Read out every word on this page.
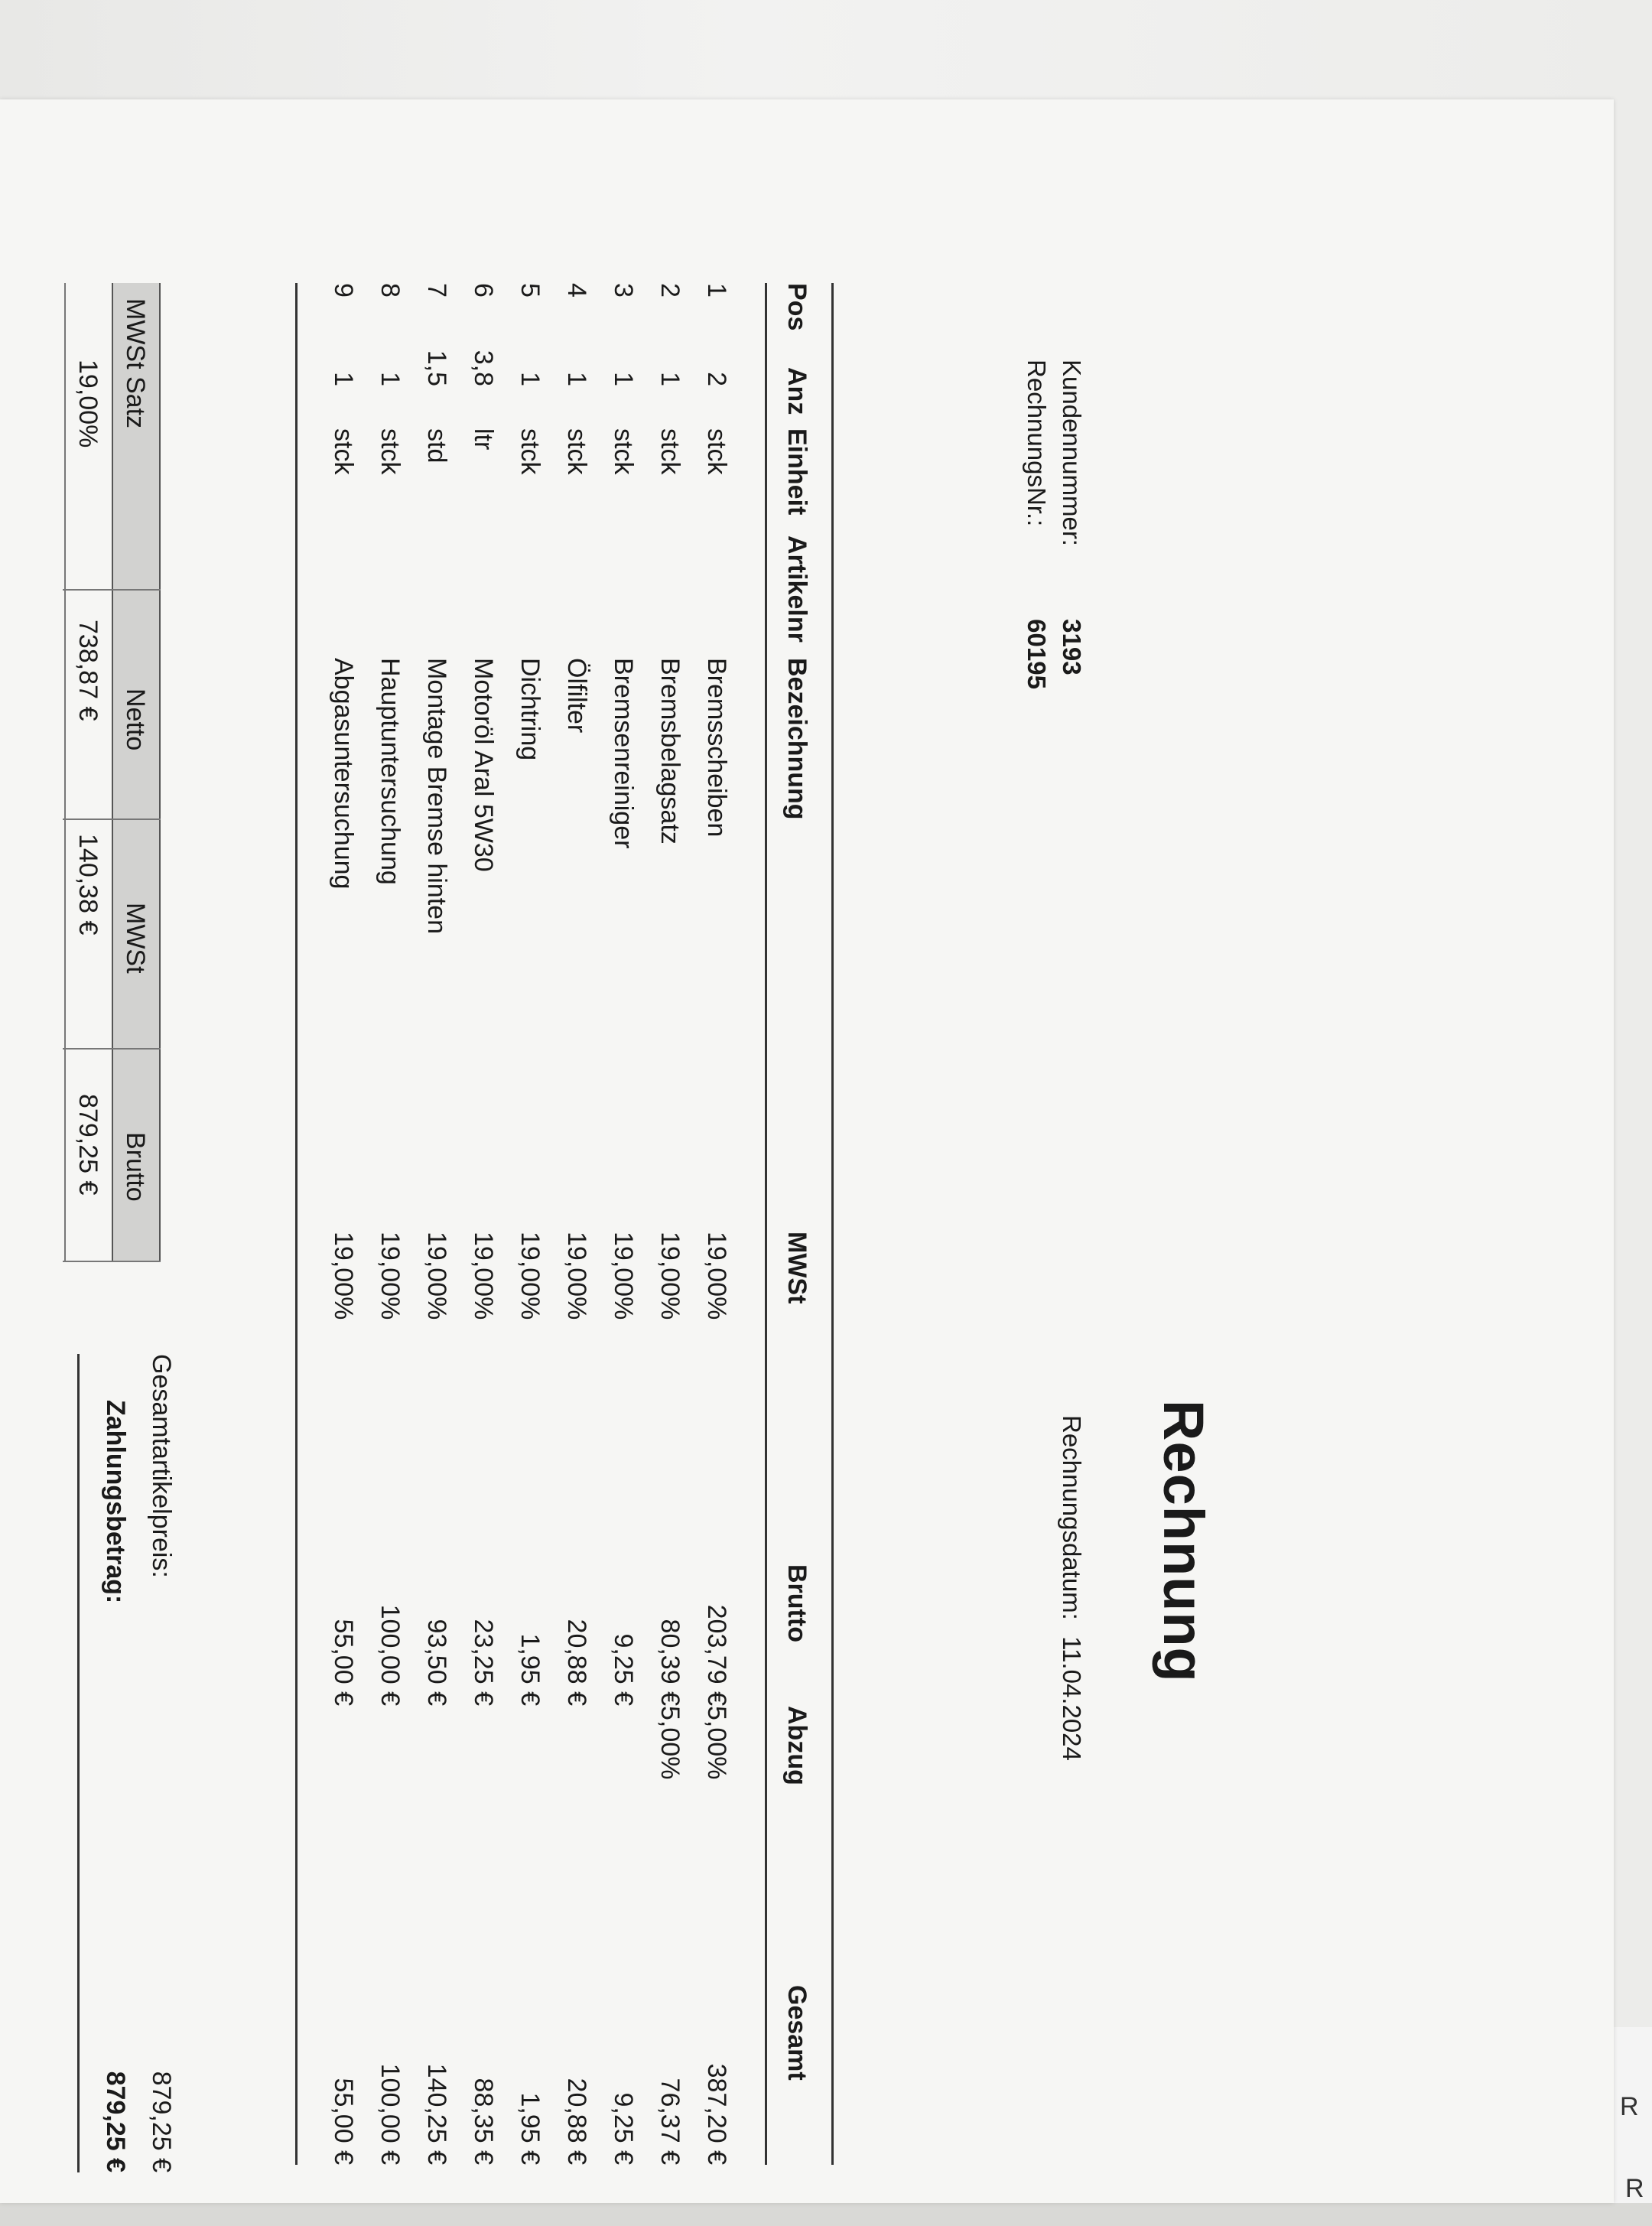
Rechnung
Kundennummer: 3193
RechnungsNr.: 60195
Rechnungsdatum: 11.04.2024
Pos
Anz
Einheit
Artikelnr
Bezeichnung
MWSt
Brutto
Abzug
Gesamt
1
2
stck
Bremsscheiben
19,00%
203,79 €
5,00%
387,20 €
2
1
stck
Bremsbelagsatz
19,00%
80,39 €
5,00%
76,37 €
3
1
stck
Bremsenreiniger
19,00%
9,25 €
9,25 €
4
1
stck
Ölfilter
19,00%
20,88 €
20,88 €
5
1
stck
Dichtring
19,00%
1,95 €
1,95 €
6
3,8
ltr
Motoröl Aral 5W30
19,00%
23,25 €
88,35 €
7
1,5
std
Montage Bremse hinten
19,00%
93,50 €
140,25 €
8
1
stck
Hauptuntersuchung
19,00%
100,00 €
100,00 €
9
1
stck
Abgasuntersuchung
19,00%
55,00 €
55,00 €
MWSt Satz
Netto
MWSt
Brutto
19,00%
738,87 €
140,38 €
879,25 €
Gesamtartikelpreis:
879,25 €
Zahlungsbetrag:
879,25 €	R
R
